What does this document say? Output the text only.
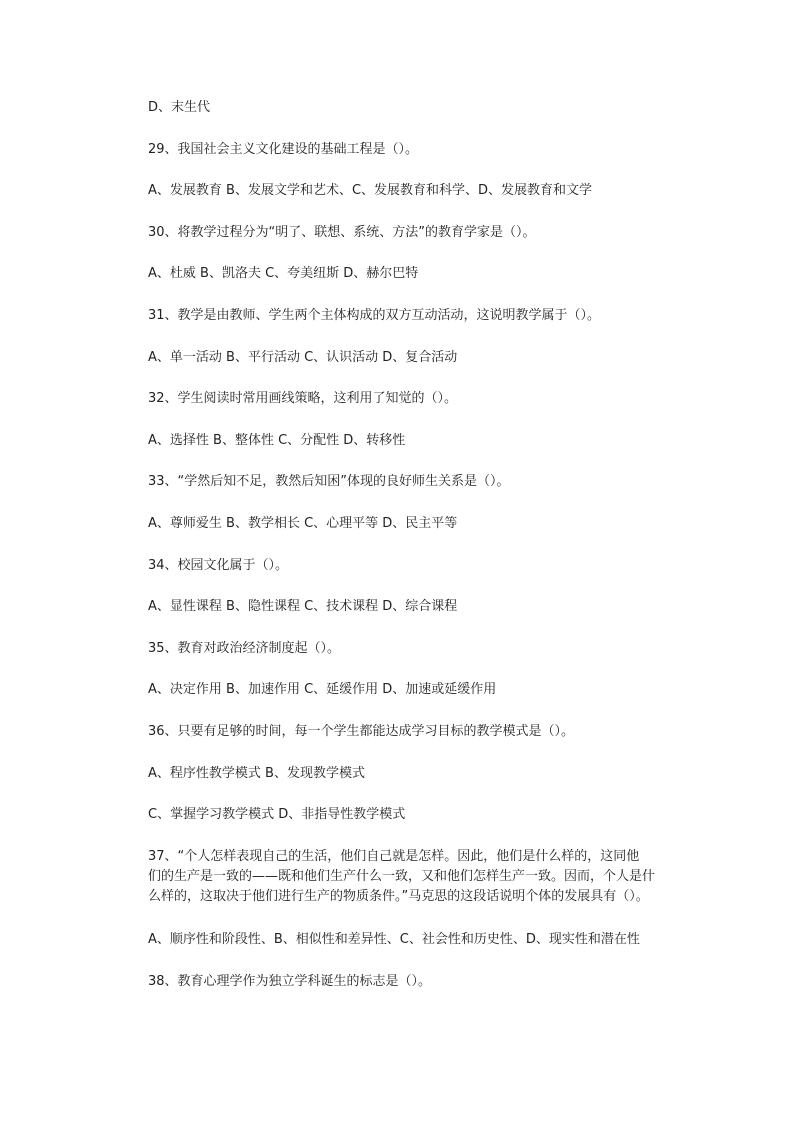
D、末生代
29、我国社会主义文化建设的基础工程是（）。
A、发展教育 B、发展文学和艺术、C、发展教育和科学、D、发展教育和文学
30、将教学过程分为“明了、联想、系统、方法”的教育学家是（）。
A、杜威 B、凯洛夫 C、夸美纽斯 D、赫尔巴特
31、教学是由教师、学生两个主体构成的双方互动活动，这说明教学属于（）。
A、单一活动 B、平行活动 C、认识活动 D、复合活动
32、学生阅读时常用画线策略，这利用了知觉的（）。
A、选择性 B、整体性 C、分配性 D、转移性
33、“学然后知不足，教然后知困”体现的良好师生关系是（）。
A、尊师爱生 B、教学相长 C、心理平等 D、民主平等
34、校园文化属于（）。
A、显性课程 B、隐性课程 C、技术课程 D、综合课程
35、教育对政治经济制度起（）。
A、决定作用 B、加速作用 C、延缓作用 D、加速或延缓作用
36、只要有足够的时间，每一个学生都能达成学习目标的教学模式是（）。
A、程序性教学模式 B、发现教学模式
C、掌握学习教学模式 D、非指导性教学模式
37、“个人怎样表现自己的生活，他们自己就是怎样。因此，他们是什么样的，这同他
们的生产是一致的——既和他们生产什么一致，又和他们怎样生产一致。因而，个人是什
么样的，这取决于他们进行生产的物质条件。”马克思的这段话说明个体的发展具有（）。
A、顺序性和阶段性、B、相似性和差异性、C、社会性和历史性、D、现实性和潜在性
38、教育心理学作为独立学科诞生的标志是（）。
